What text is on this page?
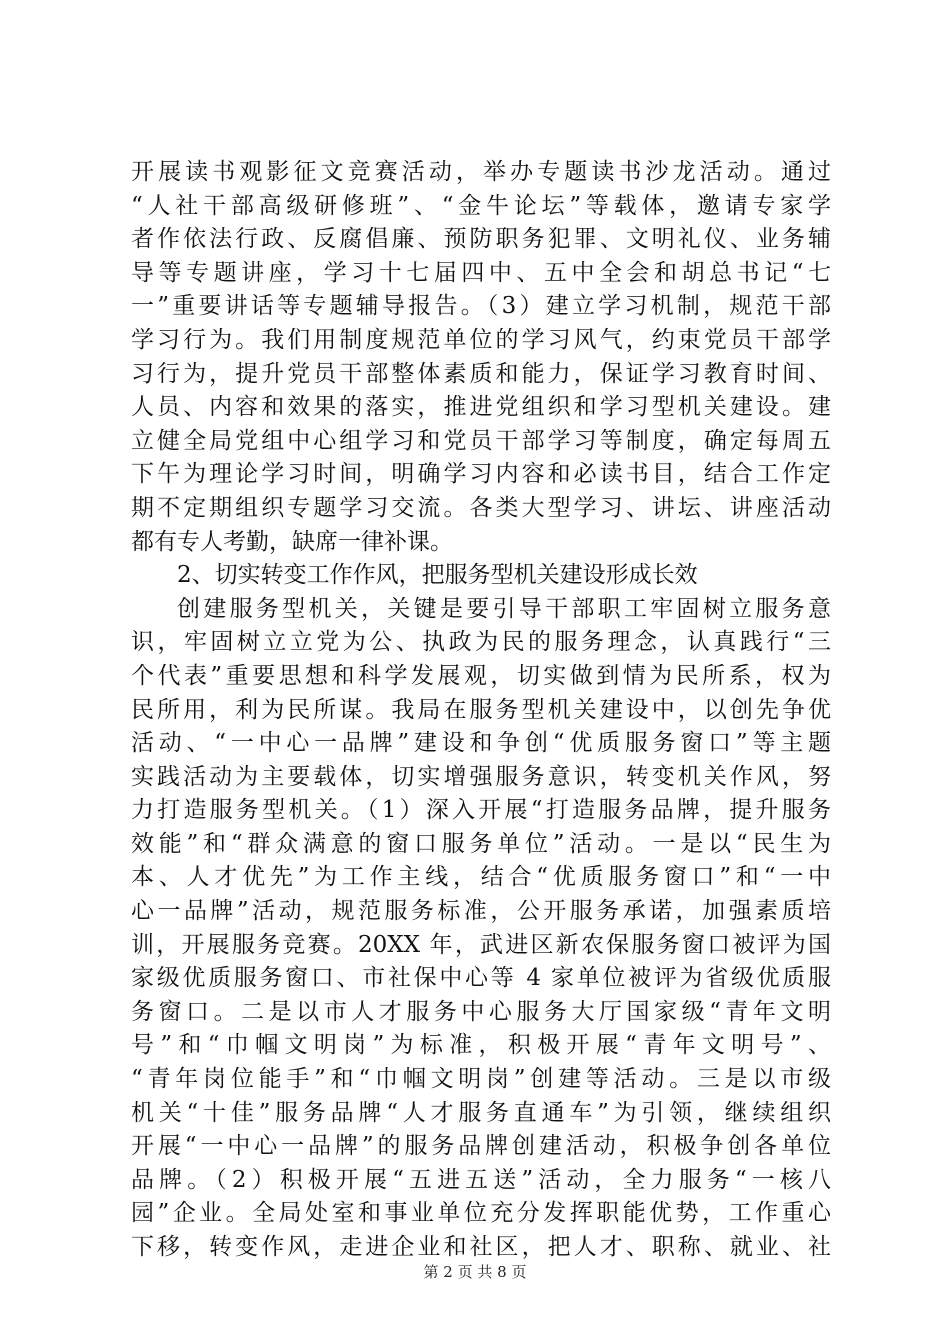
开展读书观影征文竞赛活动，举办专题读书沙龙活动。通过
“人社干部高级研修班”、“金牛论坛”等载体，邀请专家学
者作依法行政、反腐倡廉、预防职务犯罪、文明礼仪、业务辅
导等专题讲座，学习十七届四中、五中全会和胡总书记“七
一”重要讲话等专题辅导报告。（3）建立学习机制，规范干部
学习行为。我们用制度规范单位的学习风气，约束党员干部学
习行为，提升党员干部整体素质和能力，保证学习教育时间、
人员、内容和效果的落实，推进党组织和学习型机关建设。建
立健全局党组中心组学习和党员干部学习等制度，确定每周五
下午为理论学习时间，明确学习内容和必读书目，结合工作定
期不定期组织专题学习交流。各类大型学习、讲坛、讲座活动
都有专人考勤，缺席一律补课。
2、切实转变工作作风，把服务型机关建设形成长效
创建服务型机关，关键是要引导干部职工牢固树立服务意
识，牢固树立立党为公、执政为民的服务理念，认真践行“三
个代表”重要思想和科学发展观，切实做到情为民所系，权为
民所用，利为民所谋。我局在服务型机关建设中，以创先争优
活动、“一中心一品牌”建设和争创“优质服务窗口”等主题
实践活动为主要载体，切实增强服务意识，转变机关作风，努
力打造服务型机关。（1）深入开展“打造服务品牌，提升服务
效能”和“群众满意的窗口服务单位”活动。一是以“民生为
本、人才优先”为工作主线，结合“优质服务窗口”和“一中
心一品牌”活动，规范服务标准，公开服务承诺，加强素质培
训，开展服务竞赛。20XX 年，武进区新农保服务窗口被评为国
家级优质服务窗口、市社保中心等 4 家单位被评为省级优质服
务窗口。二是以市人才服务中心服务大厅国家级“青年文明
号”和“巾帼文明岗”为标准，积极开展“青年文明号”、
“青年岗位能手”和“巾帼文明岗”创建等活动。三是以市级
机关“十佳”服务品牌“人才服务直通车”为引领，继续组织
开展“一中心一品牌”的服务品牌创建活动，积极争创各单位
品牌。（2）积极开展“五进五送”活动，全力服务“一核八
园”企业。全局处室和事业单位充分发挥职能优势，工作重心
下移，转变作风，走进企业和社区，把人才、职称、就业、社
第 2 页 共 8 页
